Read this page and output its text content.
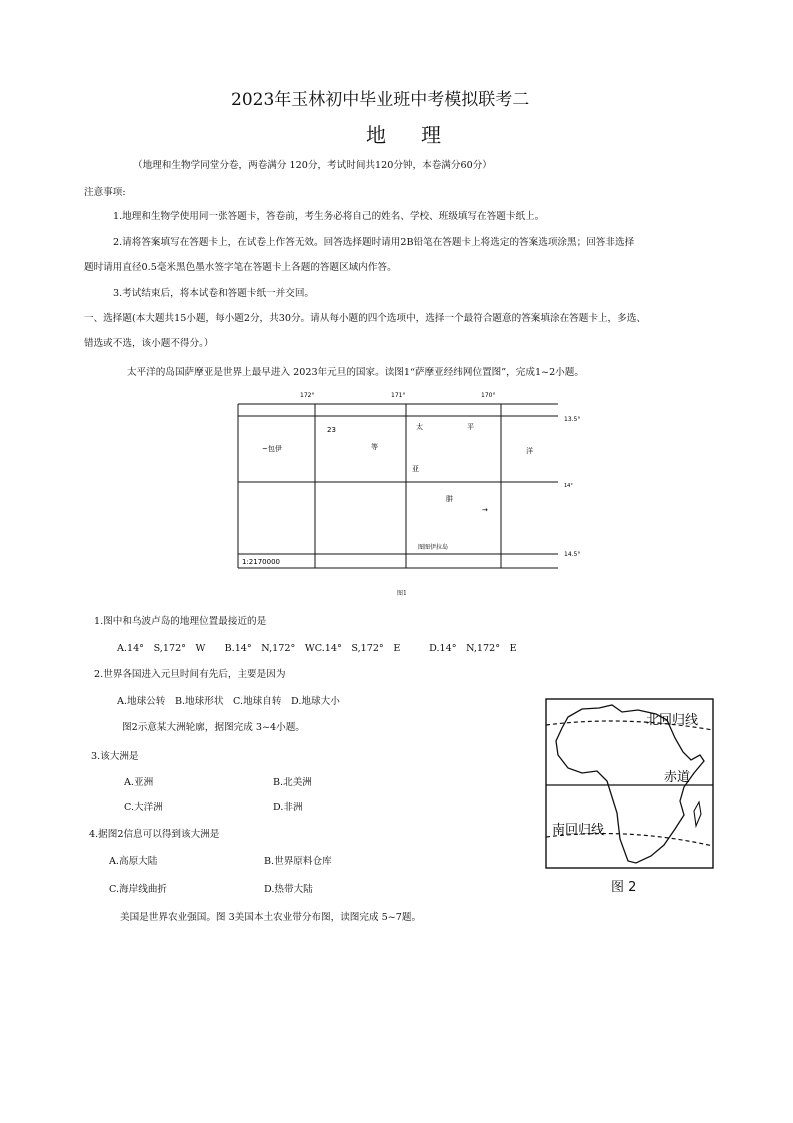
2023年玉林初中毕业班中考模拟联考二
地 理
（地理和生物学同堂分卷，两卷满分 120分，考试时间共120分钟，本卷满分60分）
注意事项:
1.地理和生物学使用同一张答题卡，答卷前，考生务必将自己的姓名、学校、班级填写在答题卡纸上。
2.请将答案填写在答题卡上，在试卷上作答无效。回答选择题时请用2B铅笔在答题卡上将选定的答案选项涂黑；回答非选择
题时请用直径0.5毫米黑色墨水签字笔在答题卡上各题的答题区域内作答。
3.考试结束后，将本试卷和答题卡纸一并交回。
一、选择题(本大题共15小题，每小题2分，共30分。请从每小题的四个选项中，选择一个最符合题意的答案填涂在答题卡上，多选、
错选或不选，该小题不得分。）
太平洋的岛国萨摩亚是世界上最早进入 2023年元旦的国家。读图1“萨摩亚经纬网位置图”，完成1~2小题。
172°	171°	170°
13.5°
14°
14.5°
23
等
太	平
~包伊	洋
亚
肼
→
图图伊拉岛
1:2170000
图1
1.图中和乌波卢岛的地理位置最接近的是
A.14°　S,172°　W　　B.14°　N,172°　WC.14°　S,172°　E　　　D.14°　N,172°　E
2.世界各国进入元旦时间有先后，主要是因为
A.地球公转　B.地球形状　C.地球自转　D.地球大小
图2示意某大洲轮廓，据图完成 3~4小题。
3.该大洲是
A.亚洲	B.北美洲
C.大洋洲	D.非洲
4.据图2信息可以得到该大洲是
A.高原大陆	B.世界原料仓库
C.海岸线曲折	D.热带大陆
北回归线
赤道
南回归线
图 2
美国是世界农业强国。图 3美国本土农业带分布图，读图完成 5~7题。
